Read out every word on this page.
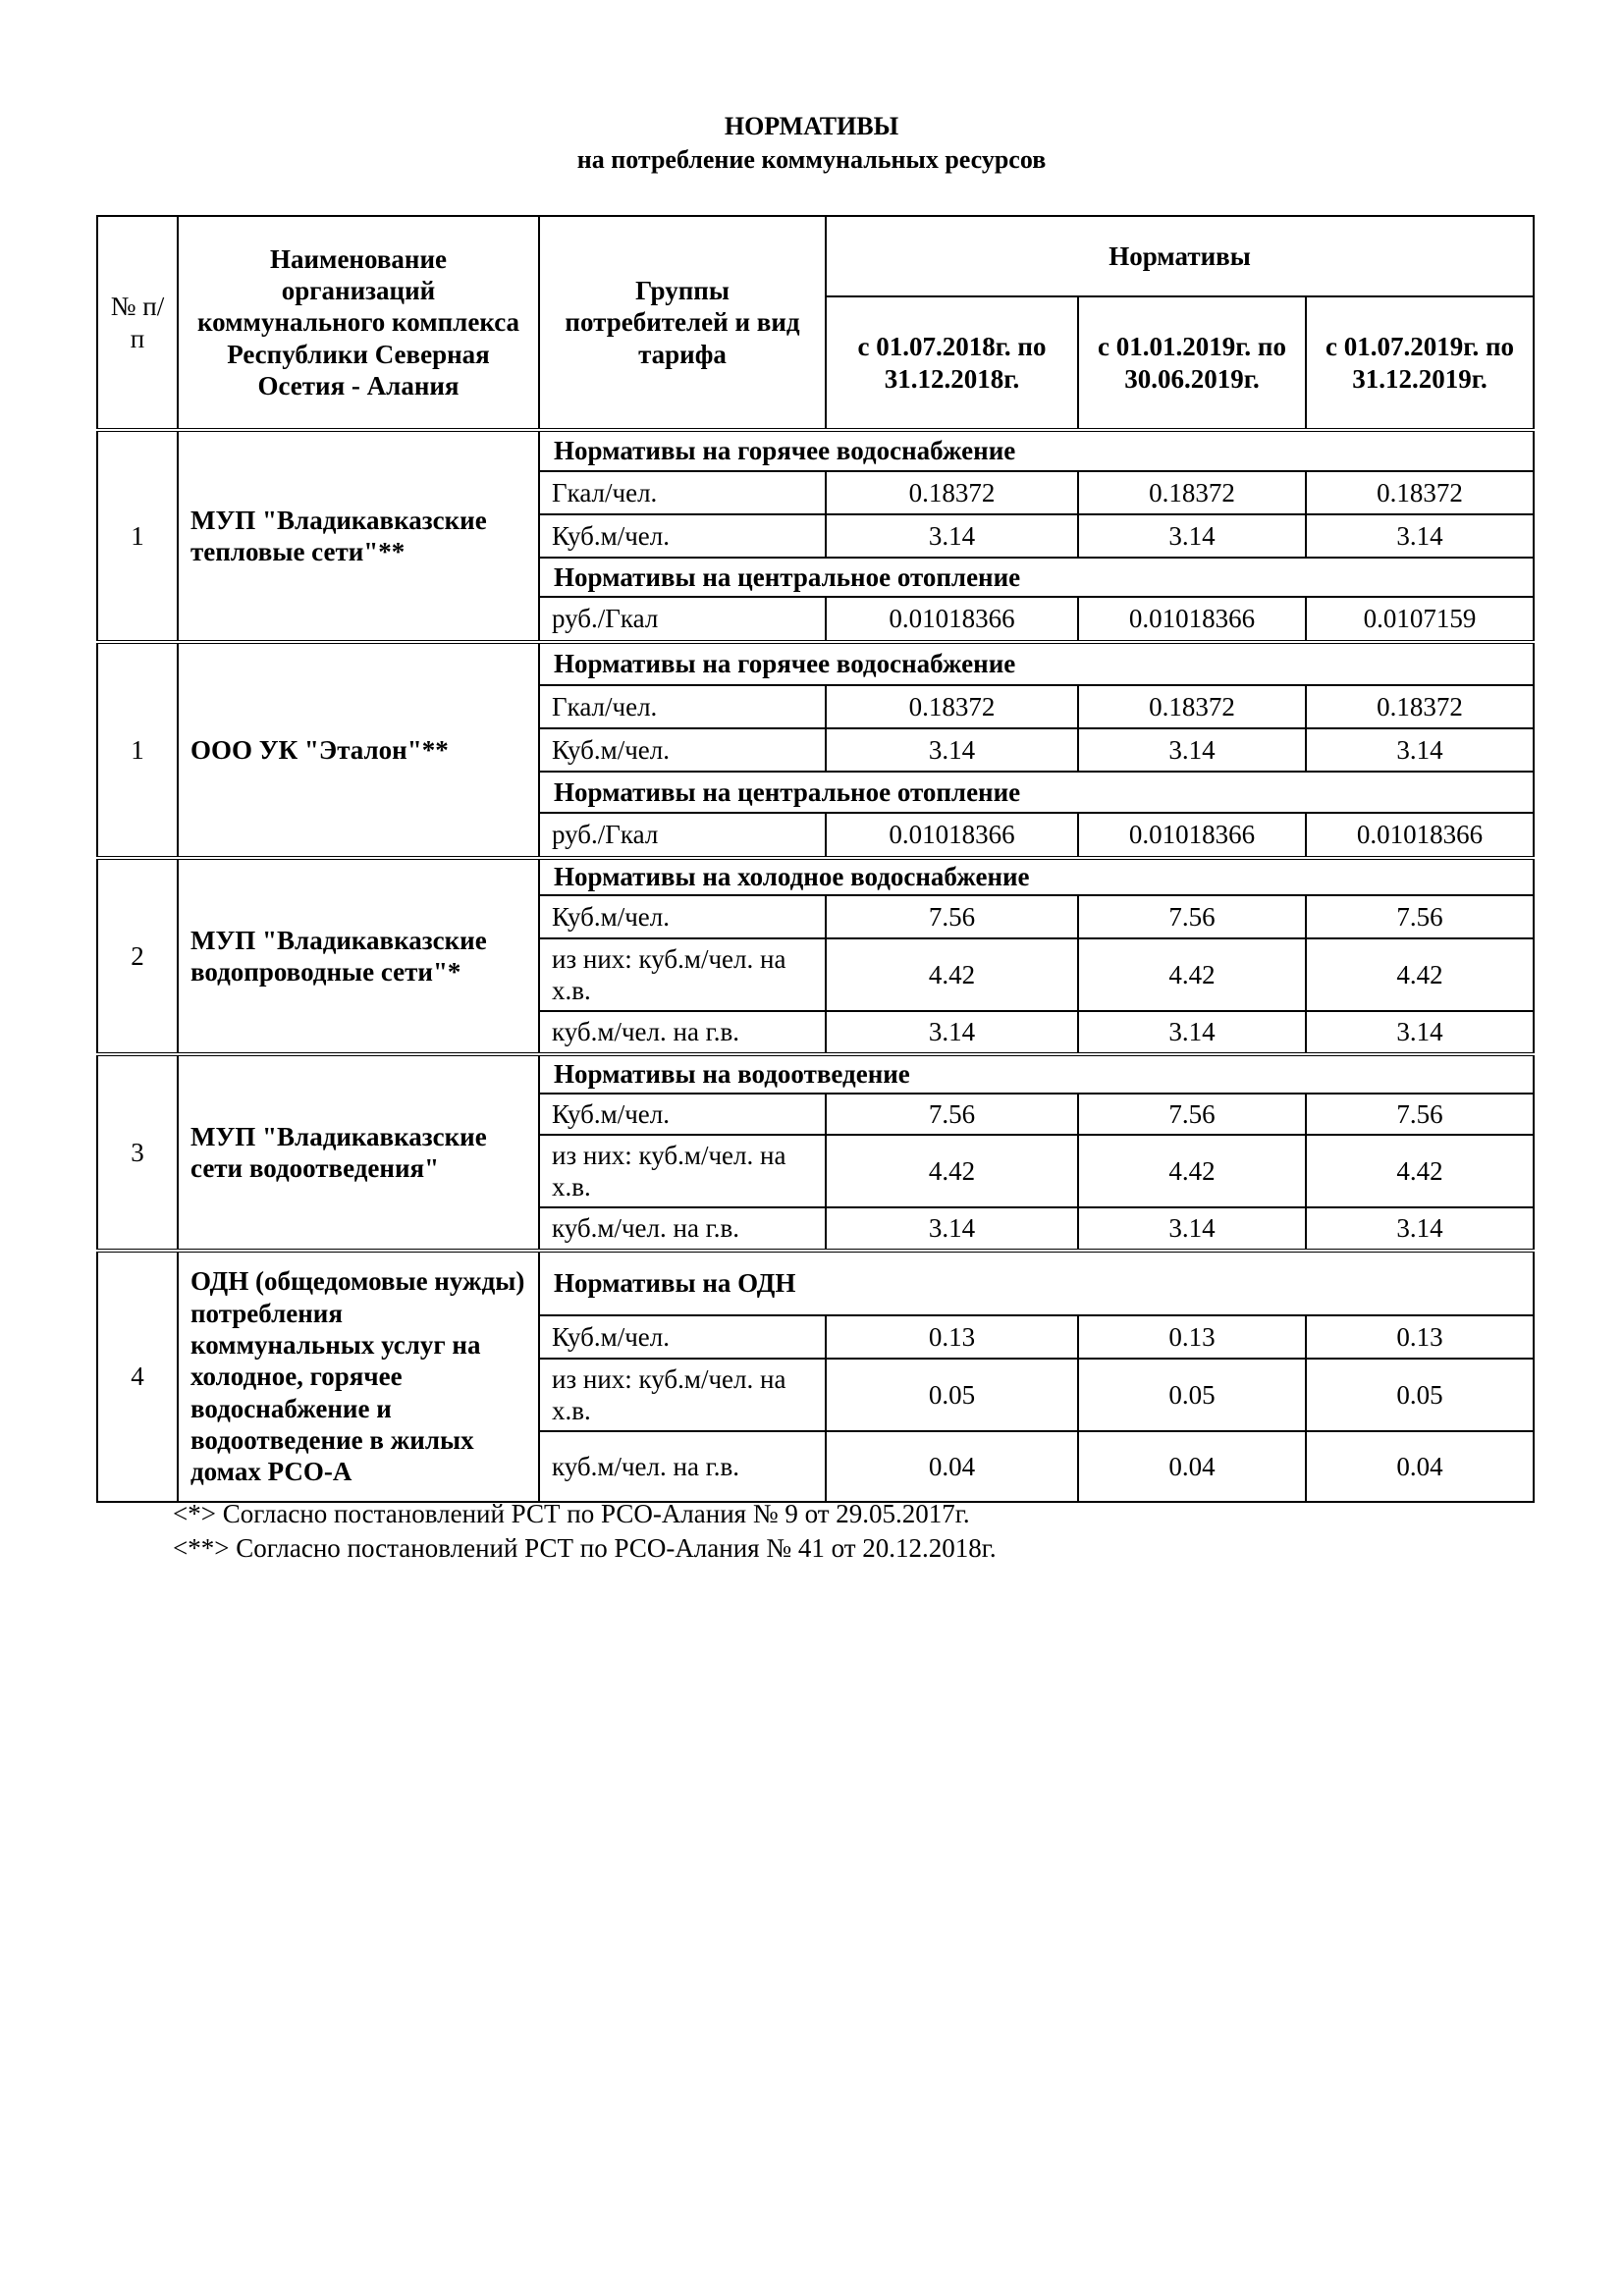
НОРМАТИВЫ
на потребление коммунальных ресурсов
№ п/п	Наименование организаций коммунального комплекса Республики Северная Осетия - Алания	Группы потребителей и вид тарифа	Нормативы		
			с 01.07.2018г. по 31.12.2018г.	с 01.01.2019г. по 30.06.2019г.	с 01.07.2019г. по 31.12.2019г.
1	МУП "Владикавказские тепловые сети"**	Нормативы на горячее водоснабжение			
		Гкал/чел.	0.18372	0.18372	0.18372
		Куб.м/чел.	3.14	3.14	3.14
		Нормативы на центральное отопление			
		руб./Гкал	0.01018366	0.01018366	0.0107159
1	ООО УК "Эталон"**	Нормативы на горячее водоснабжение			
		Гкал/чел.	0.18372	0.18372	0.18372
		Куб.м/чел.	3.14	3.14	3.14
		Нормативы на центральное отопление			
		руб./Гкал	0.01018366	0.01018366	0.01018366
2	МУП "Владикавказские водопроводные сети"*	Нормативы на холодное водоснабжение			
		Куб.м/чел.	7.56	7.56	7.56
		из них: куб.м/чел. на х.в.	4.42	4.42	4.42
		куб.м/чел. на г.в.	3.14	3.14	3.14
3	МУП "Владикавказские сети водоотведения"	Нормативы на водоотведение			
		Куб.м/чел.	7.56	7.56	7.56
		из них: куб.м/чел. на х.в.	4.42	4.42	4.42
		куб.м/чел. на г.в.	3.14	3.14	3.14
4	ОДН (общедомовые нужды) потребления коммунальных услуг на холодное, горячее водоснабжение и водоотведение в жилых домах РСО-А	Нормативы на ОДН			
		Куб.м/чел.	0.13	0.13	0.13
		из них: куб.м/чел. на х.в.	0.05	0.05	0.05
		куб.м/чел. на г.в.	0.04	0.04	0.04
<*> Согласно постановлений РСТ по РСО-Алания № 9 от 29.05.2017г.
<**> Согласно постановлений РСТ по РСО-Алания № 41 от 20.12.2018г.
